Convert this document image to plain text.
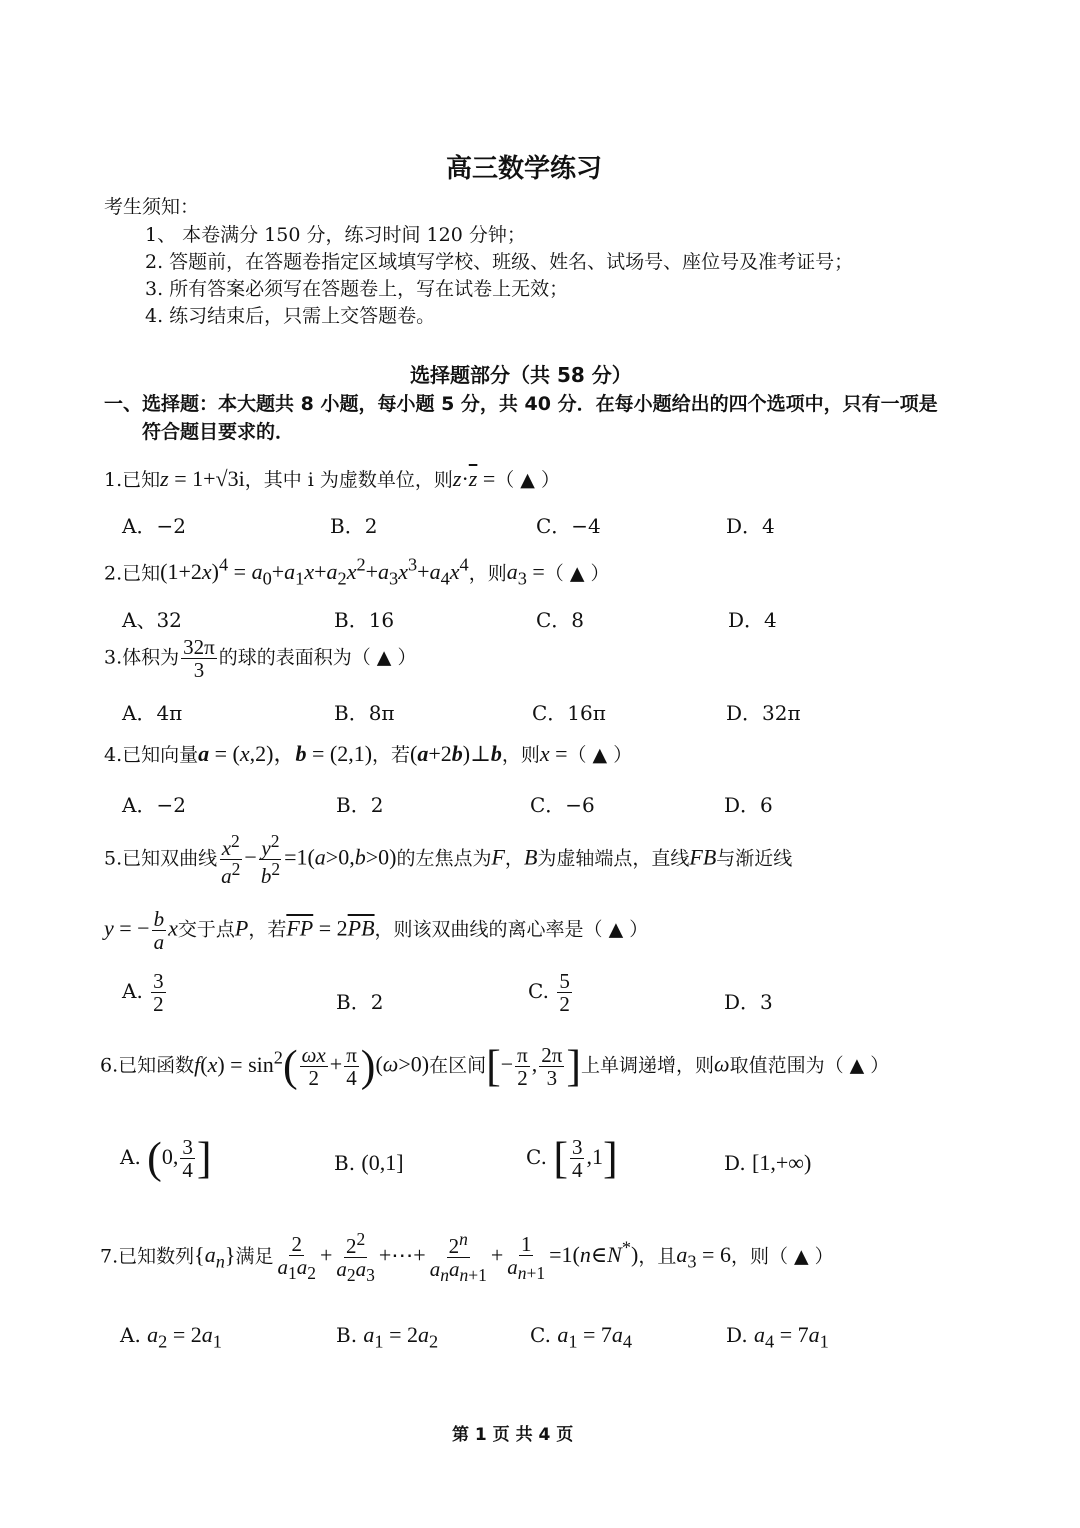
高三数学练习
考生须知：
1、 本卷满分 150 分，练习时间 120 分钟；
2. 答题前，在答题卷指定区域填写学校、班级、姓名、试场号、座位号及准考证号；
3. 所有答案必须写在答题卷上，写在试卷上无效；
4. 练习结束后，只需上交答题卷。
选择题部分（共 58 分）
一、选择题：本大题共 8 小题，每小题 5 分，共 40 分．在每小题给出的四个选项中，只有一项是
符合题目要求的．
1.已知z = 1+√3i，其中 i 为虚数单位，则$z\cdot\overline{z}$ =（ ▲ ）
A．−2	B．2	C．−4	D．4
2.已知$(1+2x)^4 = a_0+a_1x+a_2x^2+a_3x^3+a_4x^4$，则$a_3$ =（ ▲ ）
A、32	B．16	C．8	D．4
3.体积为 $\frac{32\pi}{3}$ 的球的表面积为（ ▲ ）
A．4π	B．8π	C．16π	D．32π
4.已知向量a = (x,2)，b = (2,1)，若(a+2b)⊥b，则x =（ ▲ ）
A．−2	B．2	C．−6	D．6
5.已知双曲线 $\frac{x^2}{a^2} - \frac{y^2}{b^2} =1(a>0,b>0)$的左焦点为F，B为虚轴端点，直线FB与渐近线
y = − $\frac{b}{a}$ x交于点P，若$\overline{FP} = 2\overline{PB}$，则该双曲线的离心率是（ ▲ ）
A. $\frac{3}{2}$	B．2	C. $\frac{5}{2}$	D．3
6.已知函数$f(x) = \sin^2( \frac{\omega x}{2} + \frac{\pi}{4} )(\omega>0)$在区间[− $\frac{\pi}{2}$ , $\frac{2\pi}{3}$ ]上单调递增，则ω取值范围为（ ▲ ）
A. (0, $\frac{3}{4}$ ]	B. (0,1]	C. [ $\frac{3}{4} ,1$]	D. [1,+∞)
7.已知数列$\{a_n\}$满足 $\frac{2}{a_1a_2} + \frac{2^2}{a_2a_3}$ +⋯+ $\frac{2^n}{a_na_{n+1}} + \frac{1}{a_{n+1}}$ =1(n∈N*)，且$a_3 = 6$，则（ ▲ ）
A. $a_2 = 2a_1$	B. $a_1 = 2a_2$	C. $a_1 = 7a_4$	D. $a_4 = 7a_1$
第 1 页 共 4 页
